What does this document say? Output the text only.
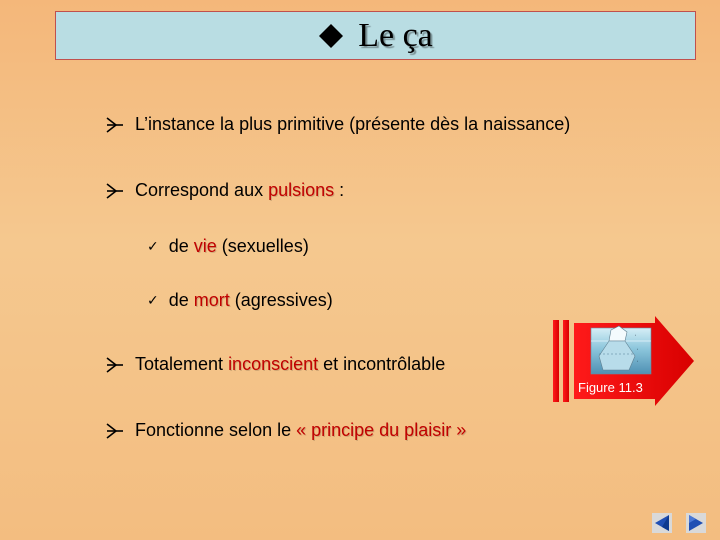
Le ça
L’instance la plus primitive (présente dès la naissance)
Correspond aux pulsions :
✓ de vie (sexuelles)
✓ de mort (agressives)
Totalement inconscient et incontrôlable
Fonctionne selon le « principe du plaisir »
•
•
•
Figure 11.3
